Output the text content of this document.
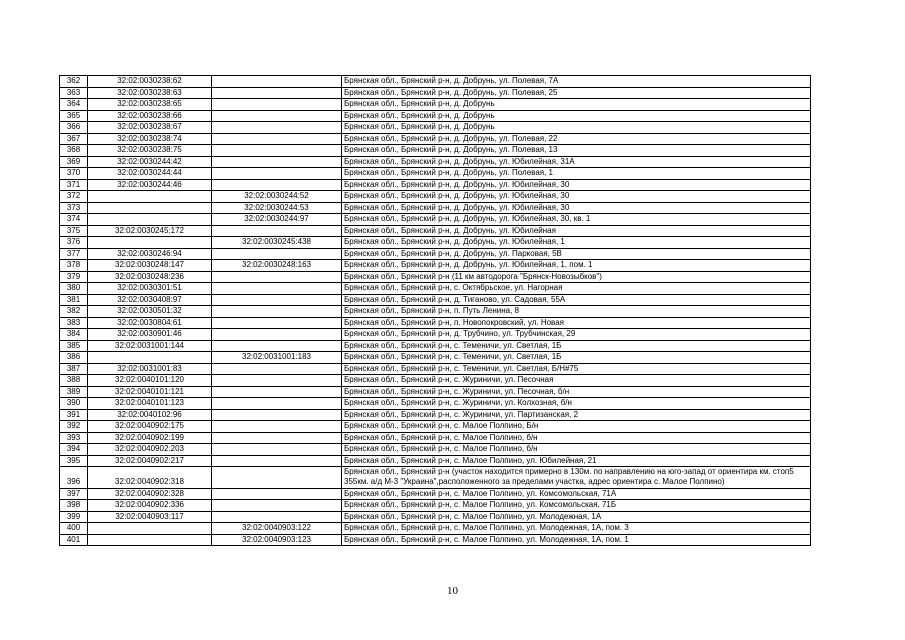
362	32:02:0030238:62		Брянская обл., Брянский р-н, д. Добрунь, ул. Полевая, 7А
363	32:02:0030238:63		Брянская обл., Брянский р-н, д. Добрунь, ул. Полевая, 25
364	32:02:0030238:65		Брянская обл., Брянский р-н, д. Добрунь
365	32:02:0030238:66		Брянская обл., Брянский р-н, д. Добрунь
366	32:02:0030238:67		Брянская обл., Брянский р-н, д. Добрунь
367	32:02:0030238:74		Брянская обл., Брянский р-н, д. Добрунь, ул. Полевая, 22
368	32:02:0030238:75		Брянская обл., Брянский р-н, д. Добрунь, ул. Полевая, 13
369	32:02:0030244:42		Брянская обл., Брянский р-н, д. Добрунь, ул. Юбилейная, 31А
370	32:02:0030244:44		Брянская обл., Брянский р-н, д. Добрунь, ул. Полевая, 1
371	32:02:0030244:46		Брянская обл., Брянский р-н, д. Добрунь, ул. Юбилейная, 30
372		32:02:0030244:52	Брянская обл., Брянский р-н, д. Добрунь, ул. Юбилейная, 30
373		32:02:0030244:53	Брянская обл., Брянский р-н, д. Добрунь, ул. Юбилейная, 30
374		32:02:0030244:97	Брянская обл., Брянский р-н, д. Добрунь, ул. Юбилейная, 30, кв. 1
375	32:02:0030245:172		Брянская обл., Брянский р-н, д. Добрунь, ул. Юбилейная
376		32:02:0030245:438	Брянская обл., Брянский р-н, д. Добрунь, ул. Юбилейная, 1
377	32:02:0030246:94		Брянская обл., Брянский р-н, д. Добрунь, ул. Парковая, 5В
378	32:02:0030248:147	32:02:0030248:163	Брянская обл., Брянский р-н, д. Добрунь, ул. Юбилейная, 1, пом. 1
379	32:02:0030248:236		Брянская обл., Брянский р-н (11 км автодорога "Брянск-Новозыбков")
380	32:02:0030301:51		Брянская обл., Брянский р-н, с. Октябрьское, ул. Нагорная
381	32:02:0030408:97		Брянская обл., Брянский р-н, д. Тиганово, ул. Садовая, 55А
382	32:02:0030501:32		Брянская обл., Брянский р-н, п. Путь Ленина, 8
383	32:02:0030804:61		Брянская обл., Брянский р-н, п. Новопокровский, ул. Новая
384	32:02:0030901:46		Брянская обл., Брянский р-н, д. Трубчино, ул. Трубчинская, 29
385	32:02:0031001:144		Брянская обл., Брянский р-н, с. Теменичи, ул. Светлая, 1Б
386		32:02:0031001:183	Брянская обл., Брянский р-н, с. Теменичи, ул. Светлая, 1Б
387	32:02:0031001:83		Брянская обл., Брянский р-н, с. Теменичи, ул. Светлая, Б/Н#75
388	32:02:0040101:120		Брянская обл., Брянский р-н, с. Журиничи, ул. Песочная
389	32:02:0040101:121		Брянская обл., Брянский р-н, с. Журиничи, ул. Песочная, б/н
390	32:02:0040101:123		Брянская обл., Брянский р-н, с. Журиничи, ул. Колхозная, б/н
391	32:02:0040102:96		Брянская обл., Брянский р-н, с. Журиничи, ул. Партизанская, 2
392	32:02:0040902:175		Брянская обл., Брянский р-н, с. Малое Полпино, Б/н
393	32:02:0040902:199		Брянская обл., Брянский р-н, с. Малое Полпино, б/н
394	32:02:0040902:203		Брянская обл., Брянский р-н, с. Малое Полпино, б/н
395	32:02:0040902:217		Брянская обл., Брянский р-н, с. Малое Полпино, ул. Юбилейная, 21
396	32:02:0040902:318		Брянская обл., Брянский р-н (участок находится примерно в 130м. по направлению на юго-запад от ориентира км. стоп5 355км. а/д М-3 "Украина",расположенного за пределами участка, адрес ориентира с. Малое Полпино)
397	32:02:0040902:328		Брянская обл., Брянский р-н, с. Малое Полпино, ул. Комсомольская, 71А
398	32:02:0040902:336		Брянская обл., Брянский р-н, с. Малое Полпино, ул. Комсомольская, 71Б
399	32:02:0040903:117		Брянская обл., Брянский р-н, с. Малое Полпино, ул. Молодежная, 1А
400		32:02:0040903:122	Брянская обл., Брянский р-н, с. Малое Полпино, ул. Молодежная, 1А, пом. 3
401		32:02:0040903:123	Брянская обл., Брянский р-н, с. Малое Полпино, ул. Молодежная, 1А, пом. 1
10
